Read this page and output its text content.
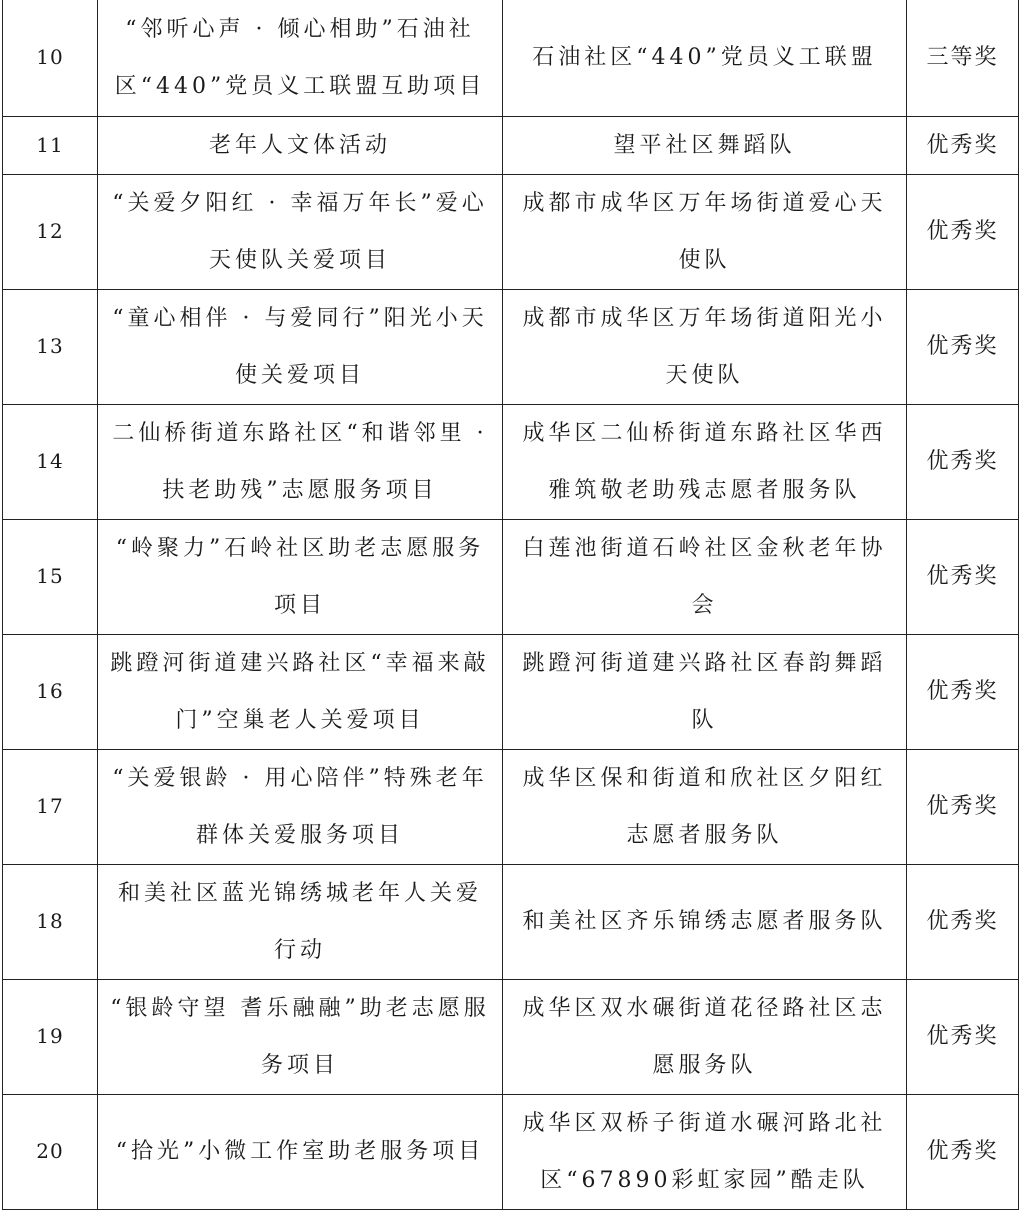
10	“邻听心声 · 倾心相助”石油社区“440”党员义工联盟互助项目	石油社区“440”党员义工联盟	三等奖
11	老年人文体活动	望平社区舞蹈队	优秀奖
12	“关爱夕阳红 · 幸福万年长”爱心天使队关爱项目	成都市成华区万年场街道爱心天使队	优秀奖
13	“童心相伴 · 与爱同行”阳光小天使关爱项目	成都市成华区万年场街道阳光小天使队	优秀奖
14	二仙桥街道东路社区“和谐邻里 · 扶老助残”志愿服务项目	成华区二仙桥街道东路社区华西雅筑敬老助残志愿者服务队	优秀奖
15	“岭聚力”石岭社区助老志愿服务项目	白莲池街道石岭社区金秋老年协会	优秀奖
16	跳蹬河街道建兴路社区“幸福来敲门”空巢老人关爱项目	跳蹬河街道建兴路社区春韵舞蹈队	优秀奖
17	“关爱银龄 · 用心陪伴”特殊老年群体关爱服务项目	成华区保和街道和欣社区夕阳红志愿者服务队	优秀奖
18	和美社区蓝光锦绣城老年人关爱行动	和美社区齐乐锦绣志愿者服务队	优秀奖
19	“银龄守望 耆乐融融”助老志愿服务项目	成华区双水碾街道花径路社区志愿服务队	优秀奖
20	“拾光”小微工作室助老服务项目	成华区双桥子街道水碾河路北社区“67890彩虹家园”酷走队	优秀奖
